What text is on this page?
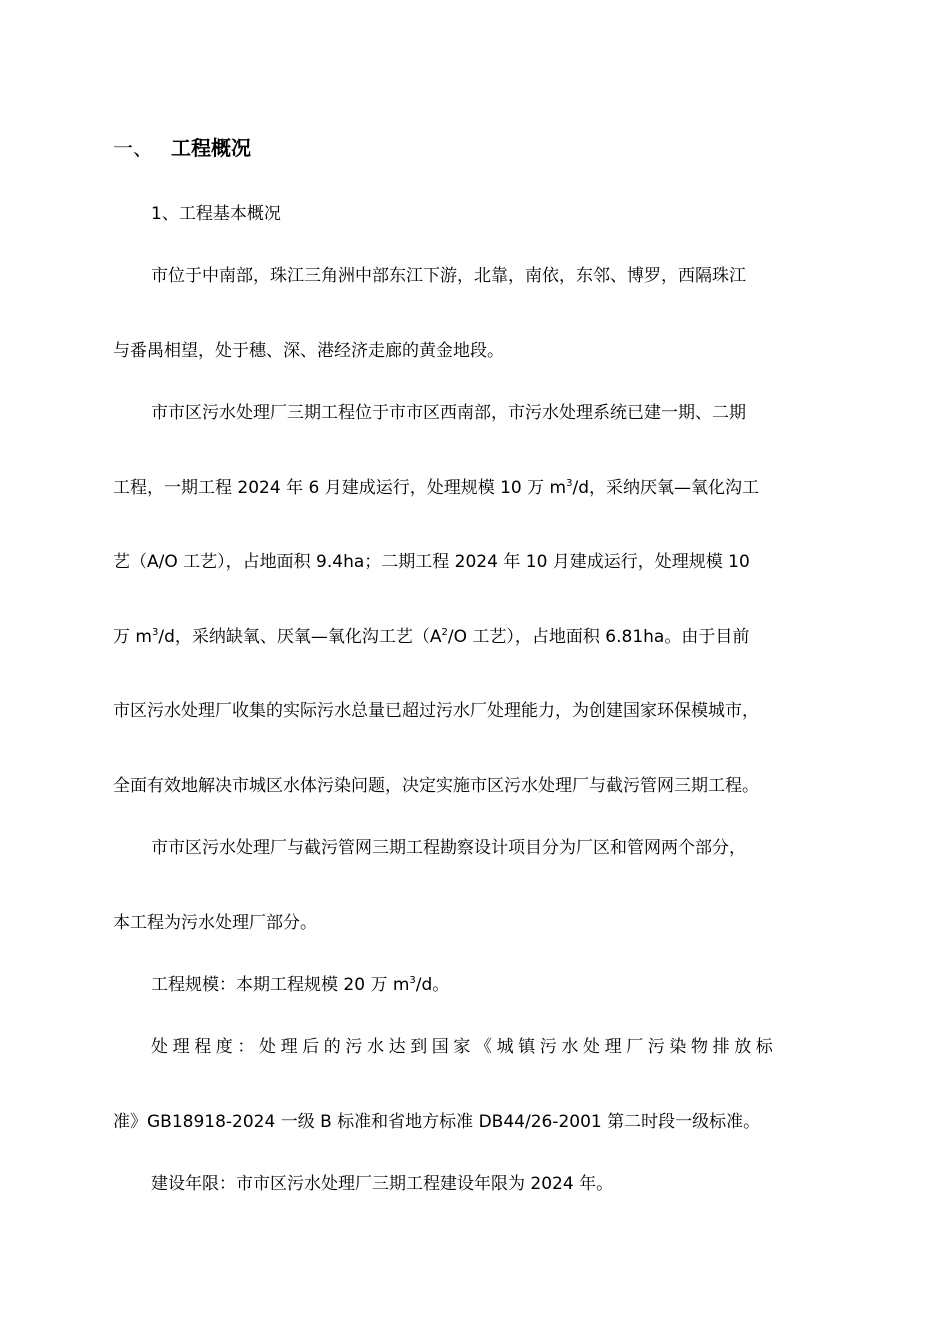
一、 工程概况
1、工程基本概况
市位于中南部，珠江三角洲中部东江下游，北靠，南依，东邻、博罗，西隔珠江
与番禺相望，处于穗、深、港经济走廊的黄金地段。
市市区污水处理厂三期工程位于市市区西南部，市污水处理系统已建一期、二期
工程，一期工程 2024 年 6 月建成运行，处理规模 10 万 $m^3/d$，采纳厌氧—氧化沟工
艺（A/O 工艺），占地面积 9.4ha；二期工程 2024 年 10 月建成运行，处理规模 10
万 $m^3/d$，采纳缺氧、厌氧—氧化沟工艺（$A^2/O$ 工艺），占地面积 6.81ha。由于目前
市区污水处理厂收集的实际污水总量已超过污水厂处理能力，为创建国家环保模城市，
全面有效地解决市城区水体污染问题，决定实施市区污水处理厂与截污管网三期工程。
市市区污水处理厂与截污管网三期工程勘察设计项目分为厂区和管网两个部分，
本工程为污水处理厂部分。
工程规模：本期工程规模 20 万 $m^3/d$。
处理程度：处理后的污水达到国家《城镇污水处理厂污染物排放标
准》GB18918-2024 一级 B 标准和省地方标准 DB44/26-2001 第二时段一级标准。
建设年限：市市区污水处理厂三期工程建设年限为 2024 年。
